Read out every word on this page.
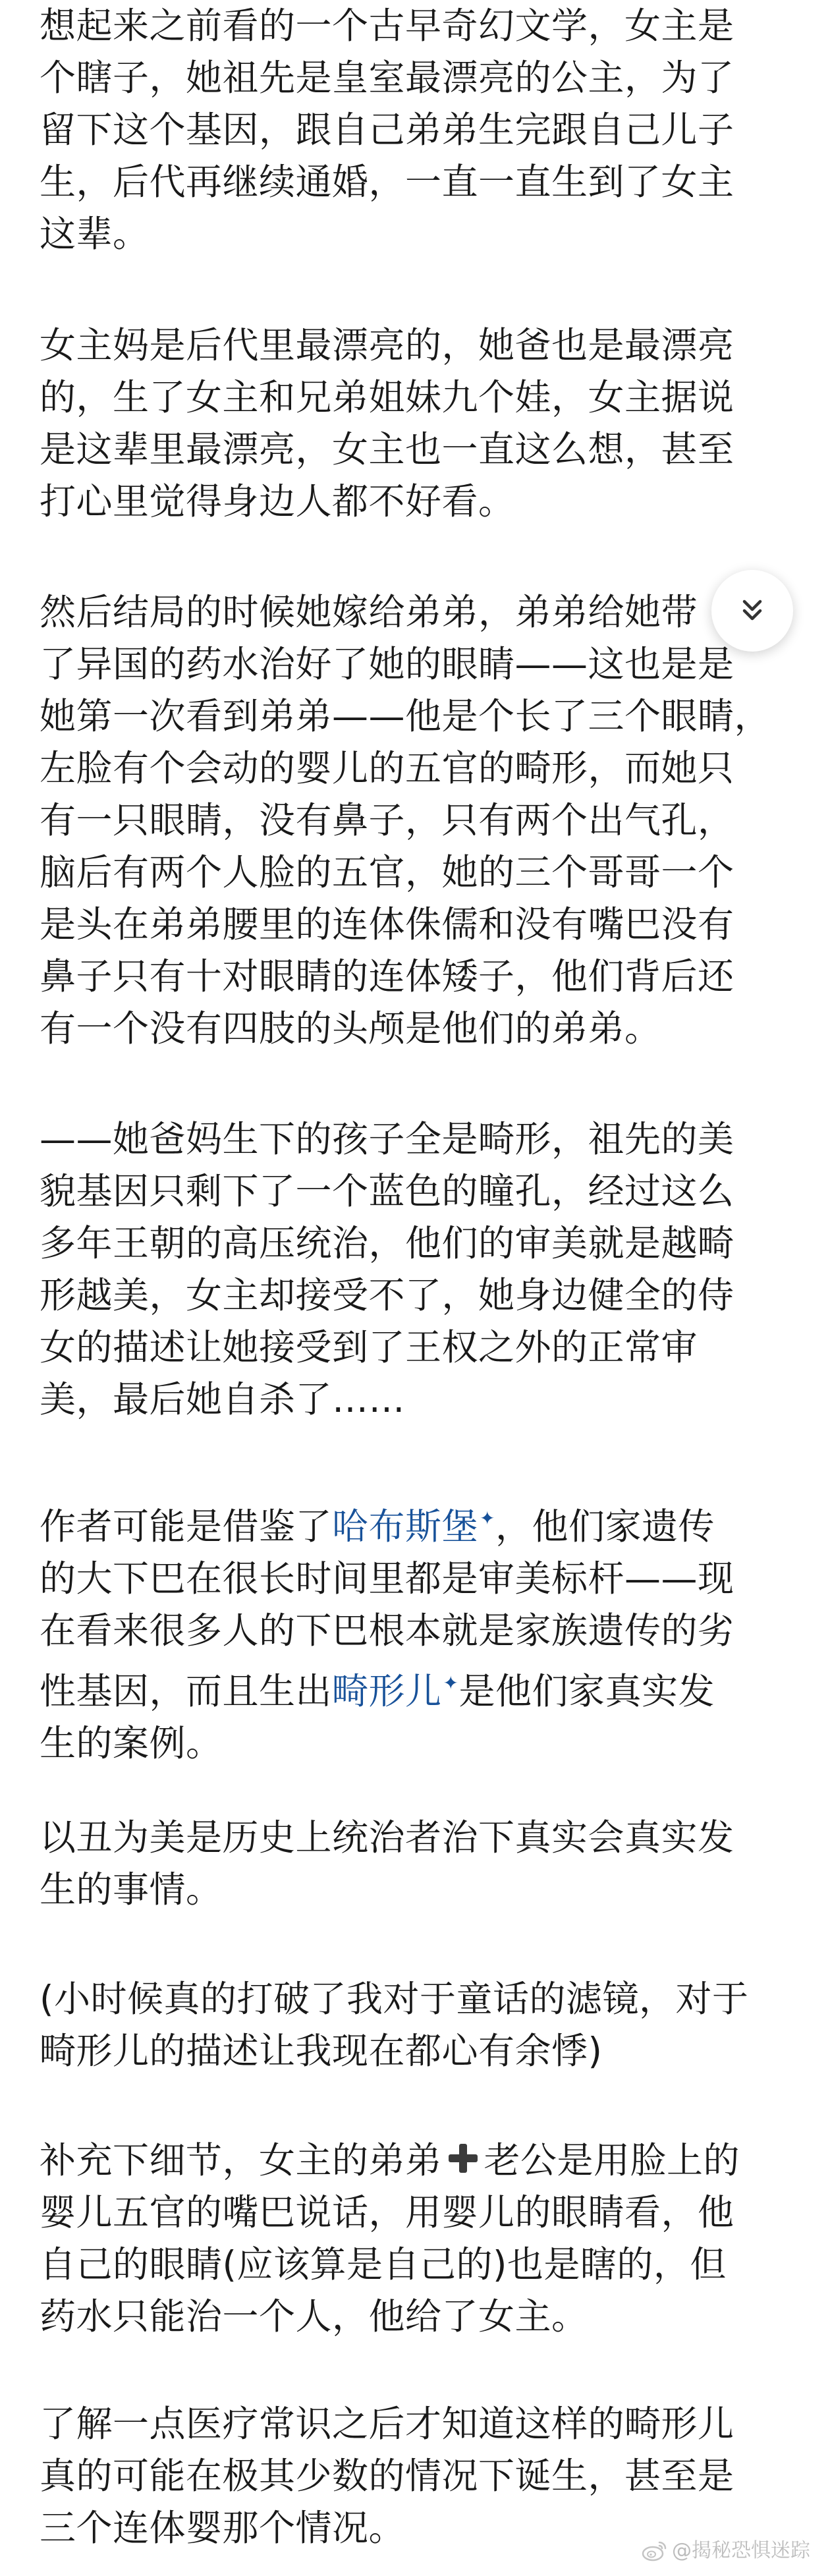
想起来之前看的一个古早奇幻文学，女主是
个瞎子，她祖先是皇室最漂亮的公主，为了
留下这个基因，跟自己弟弟生完跟自己儿子
生，后代再继续通婚，一直一直生到了女主
这辈。

女主妈是后代里最漂亮的，她爸也是最漂亮
的，生了女主和兄弟姐妹九个娃，女主据说
是这辈里最漂亮，女主也一直这么想，甚至
打心里觉得身边人都不好看。

然后结局的时候她嫁给弟弟，弟弟给她带
了异国的药水治好了她的眼睛——这也是是
她第一次看到弟弟——他是个长了三个眼睛，
左脸有个会动的婴儿的五官的畸形，而她只
有一只眼睛，没有鼻子，只有两个出气孔，
脑后有两个人脸的五官，她的三个哥哥一个
是头在弟弟腰里的连体侏儒和没有嘴巴没有
鼻子只有十对眼睛的连体矮子，他们背后还
有一个没有四肢的头颅是他们的弟弟。

——她爸妈生下的孩子全是畸形，祖先的美
貌基因只剩下了一个蓝色的瞳孔，经过这么
多年王朝的高压统治，他们的审美就是越畸
形越美，女主却接受不了，她身边健全的侍
女的描述让她接受到了王权之外的正常审
美，最后她自杀了……

作者可能是借鉴了哈布斯堡✦，他们家遗传
的大下巴在很长时间里都是审美标杆——现
在看来很多人的下巴根本就是家族遗传的劣
性基因，而且生出畸形儿✦是他们家真实发
生的案例。

以丑为美是历史上统治者治下真实会真实发
生的事情。

(小时候真的打破了我对于童话的滤镜，对于
畸形儿的描述让我现在都心有余悸)

补充下细节，女主的弟弟 老公是用脸上的
婴儿五官的嘴巴说话，用婴儿的眼睛看，他
自己的眼睛(应该算是自己的)也是瞎的，但
药水只能治一个人，他给了女主。

了解一点医疗常识之后才知道这样的畸形儿
真的可能在极其少数的情况下诞生，甚至是
三个连体婴那个情况。

@揭秘恐惧迷踪
